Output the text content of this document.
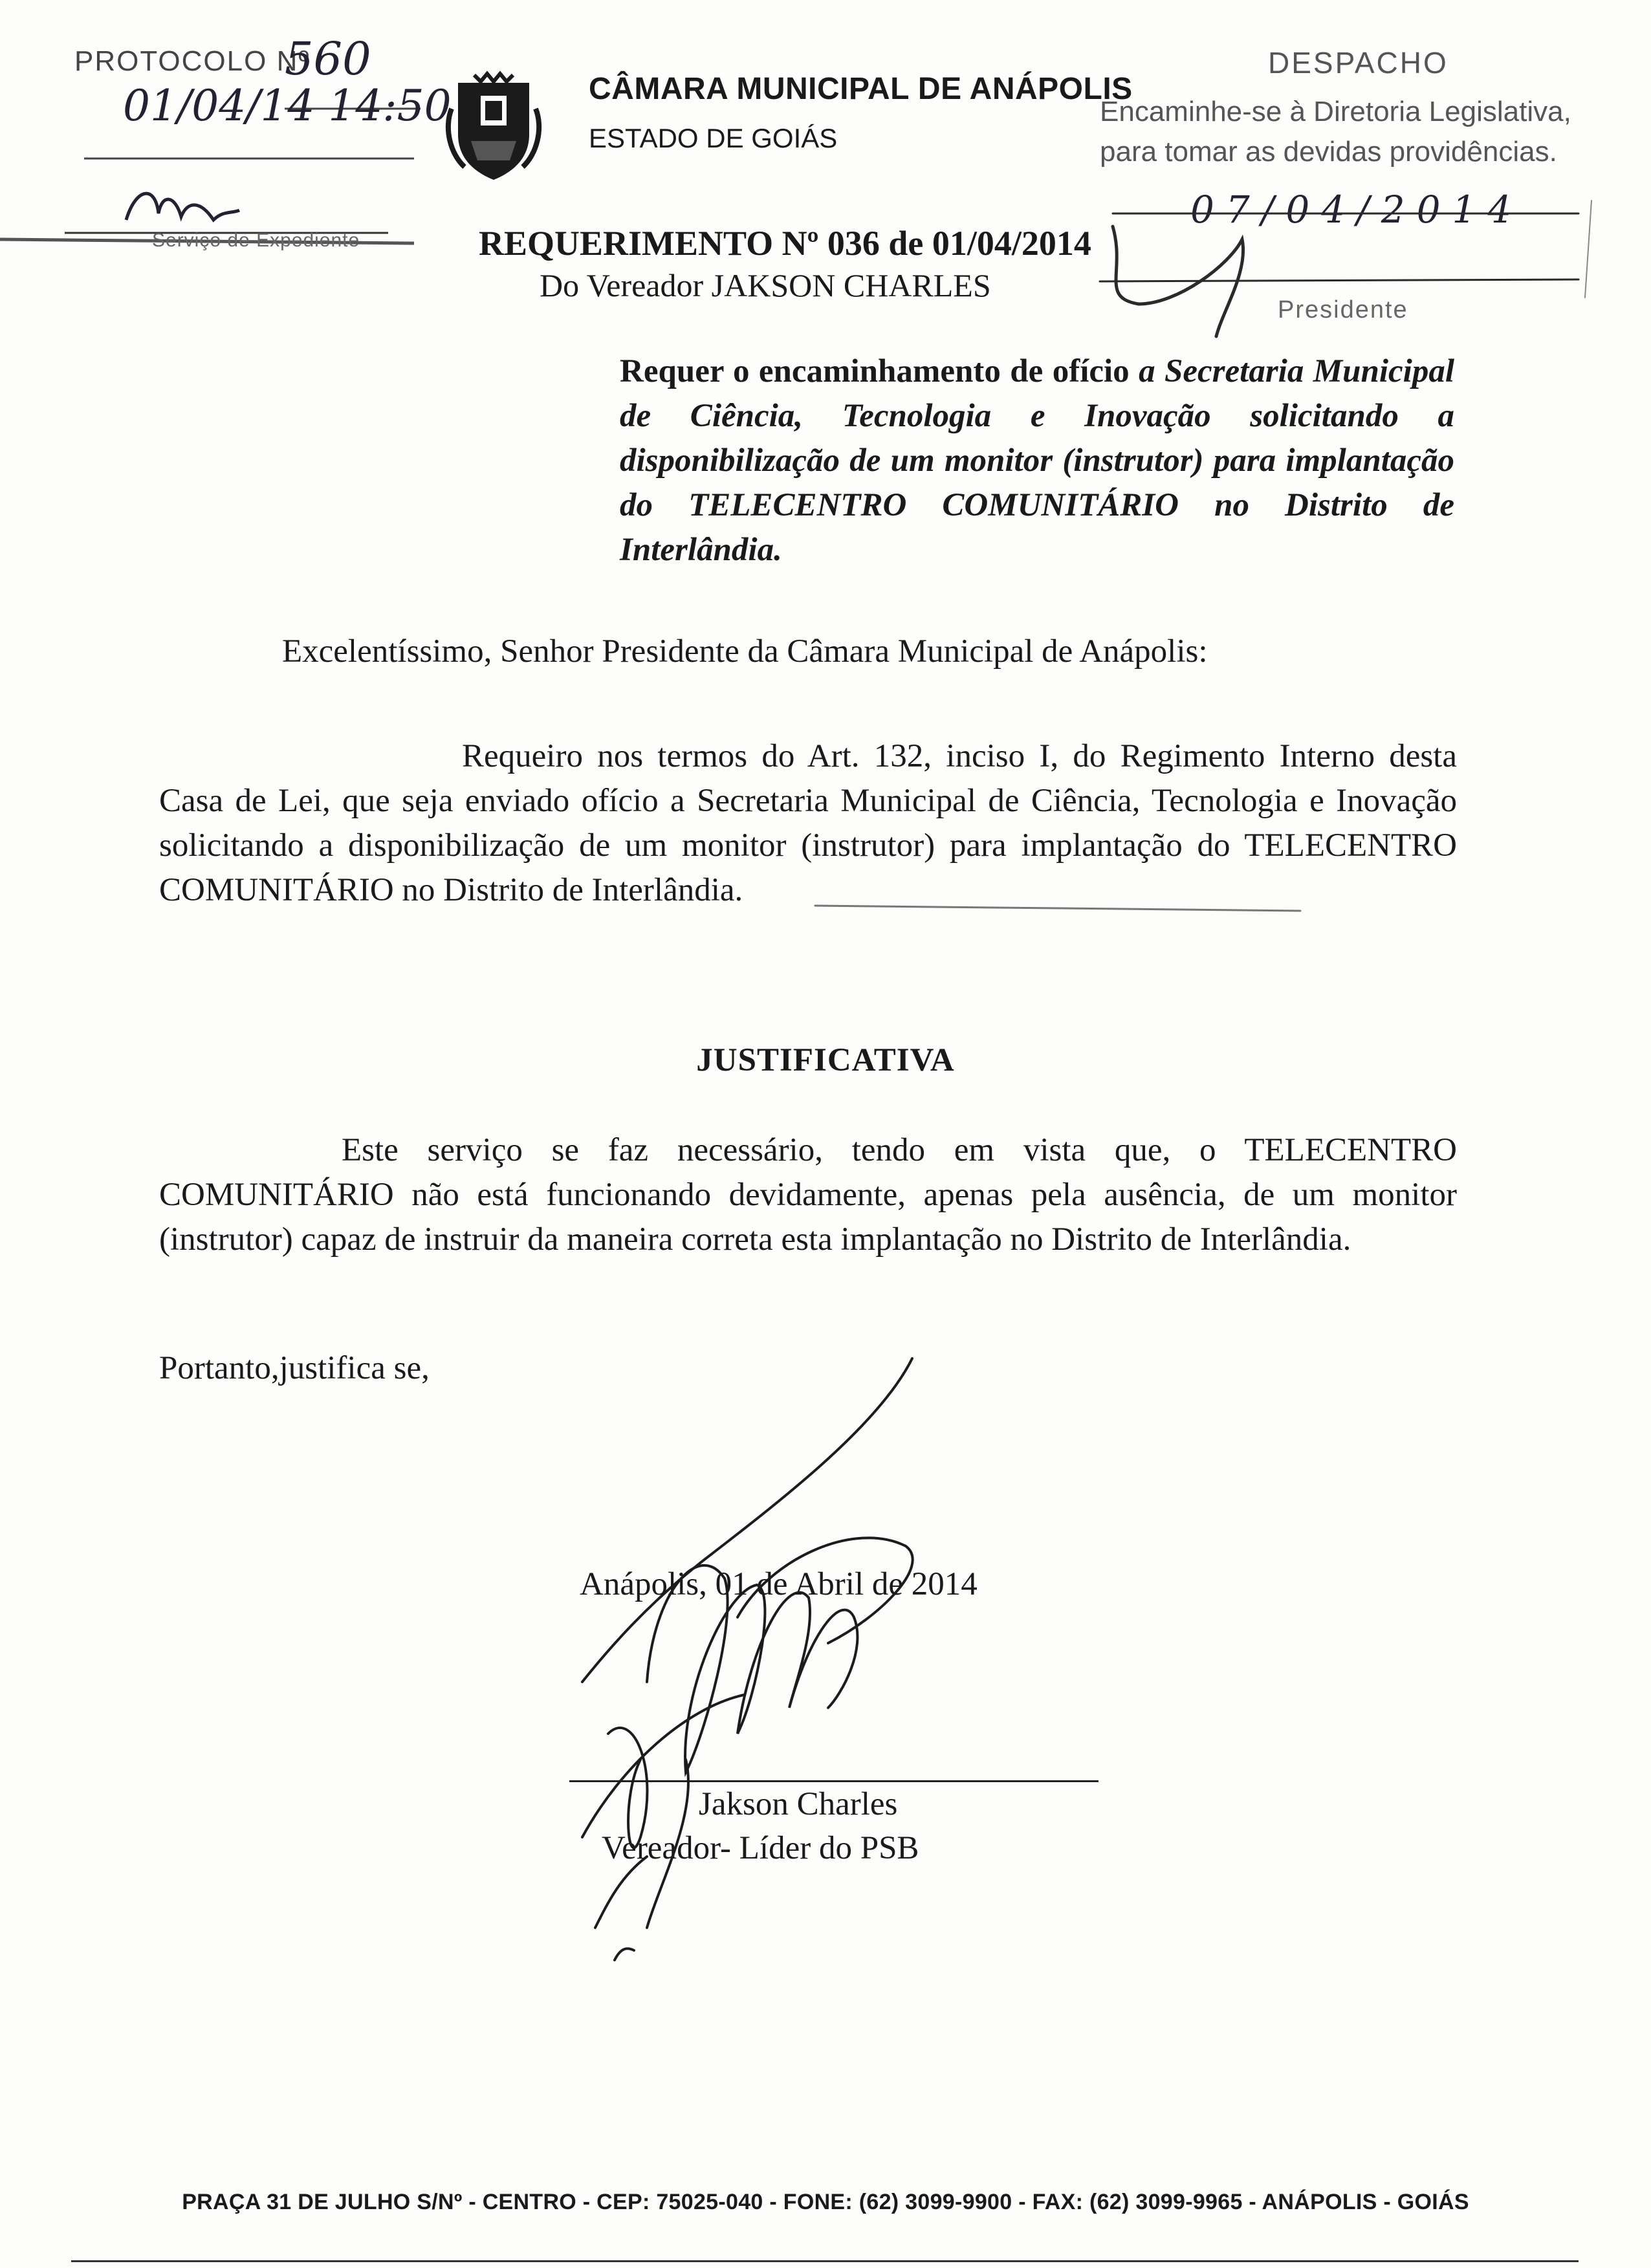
PROTOCOLO Nº
560
01/04/14 14:50
Serviço de Expediente
CÂMARA MUNICIPAL DE ANÁPOLIS
ESTADO DE GOIÁS
DESPACHO
Encaminhe-se à Diretoria Legislativa,
para tomar as devidas providências.
07/04/2014
Presidente
REQUERIMENTO Nº 036 de 01/04/2014
Do Vereador JAKSON CHARLES
Requer o encaminhamento de ofício a Secretaria Municipal de Ciência, Tecnologia e Inovação solicitando a disponibilização de um monitor (instrutor) para implantação do TELECENTRO COMUNITÁRIO no Distrito de Interlândia.
Excelentíssimo, Senhor Presidente da Câmara Municipal de Anápolis:
Requeiro nos termos do Art. 132, inciso I, do Regimento Interno desta Casa de Lei, que seja enviado ofício a Secretaria Municipal de Ciência, Tecnologia e Inovação solicitando a disponibilização de um monitor (instrutor) para implantação do TELECENTRO COMUNITÁRIO no Distrito de Interlândia.
JUSTIFICATIVA
Este serviço se faz necessário, tendo em vista que, o TELECENTRO COMUNITÁRIO não está funcionando devidamente, apenas pela ausência, de um monitor (instrutor) capaz de instruir da maneira correta esta implantação no Distrito de Interlândia.
Portanto,justifica se,
Anápolis, 01 de Abril de 2014
Jakson Charles
Vereador- Líder do PSB
PRAÇA 31 DE JULHO S/Nº - CENTRO - CEP: 75025-040 - FONE: (62) 3099-9900 - FAX: (62) 3099-9965 - ANÁPOLIS - GOIÁS
